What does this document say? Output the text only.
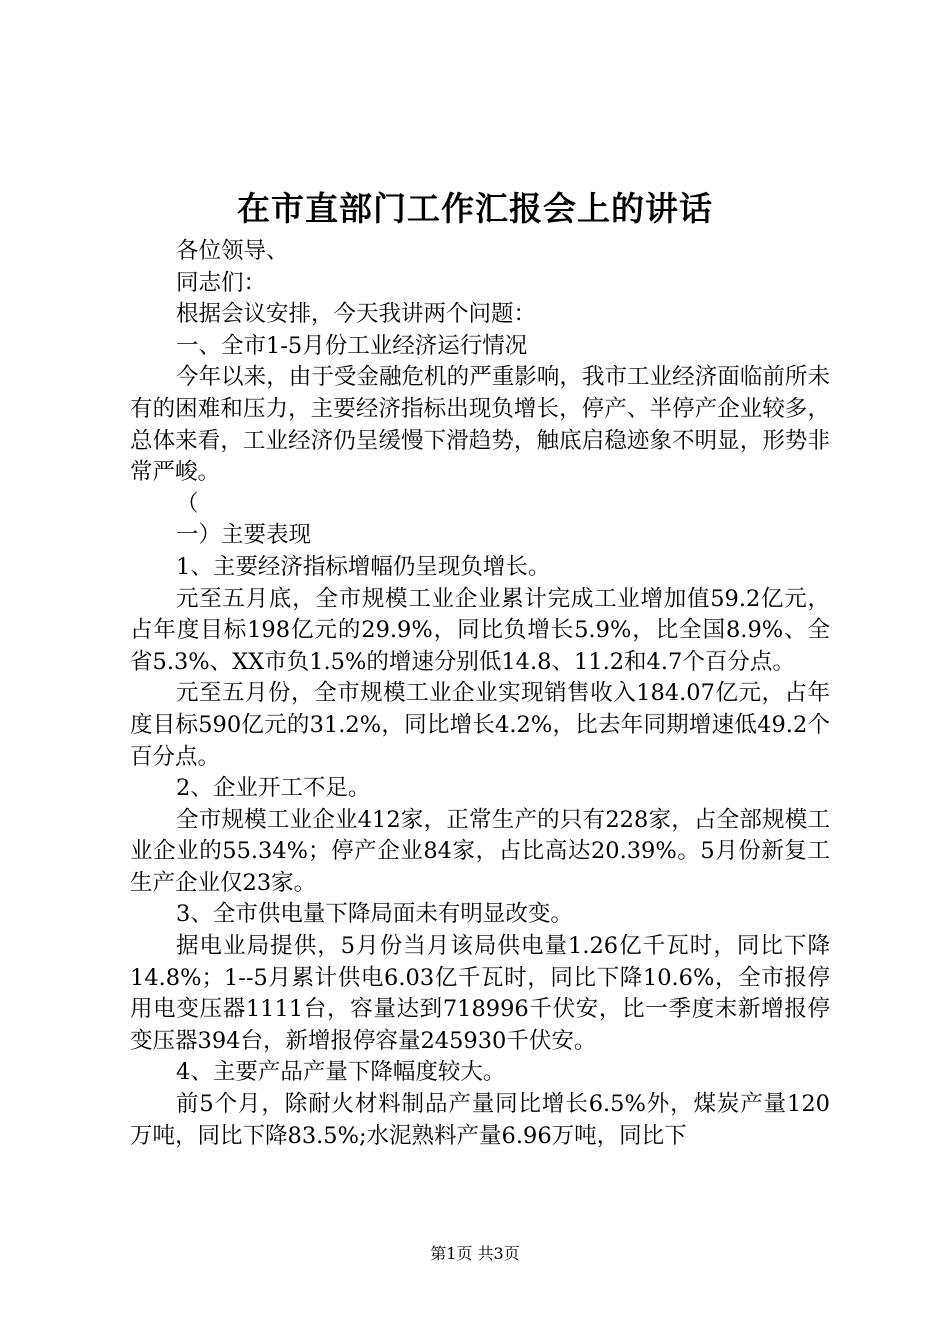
在市直部门工作汇报会上的讲话

各位领导、

同志们：

根据会议安排，今天我讲两个问题：

一、全市1-5月份工业经济运行情况

今年以来，由于受金融危机的严重影响，我市工业经济面临前所未有的困难和压力，主要经济指标出现负增长，停产、半停产企业较多，总体来看，工业经济仍呈缓慢下滑趋势，触底启稳迹象不明显，形势非常严峻。

（

一）主要表现

1、主要经济指标增幅仍呈现负增长。

元至五月底，全市规模工业企业累计完成工业增加值59.2亿元，占年度目标198亿元的29.9%，同比负增长5.9%，比全国8.9%、全省5.3%、XX市负1.5%的增速分别低14.8、11.2和4.7个百分点。

元至五月份，全市规模工业企业实现销售收入184.07亿元，占年度目标590亿元的31.2%，同比增长4.2%，比去年同期增速低49.2个百分点。

2、企业开工不足。

全市规模工业企业412家，正常生产的只有228家，占全部规模工业企业的55.34%；停产企业84家，占比高达20.39%。5月份新复工生产企业仅23家。

3、全市供电量下降局面未有明显改变。

据电业局提供，5月份当月该局供电量1.26亿千瓦时，同比下降14.8%；1--5月累计供电6.03亿千瓦时，同比下降10.6%，全市报停用电变压器1111台，容量达到718996千伏安，比一季度末新增报停变压器394台，新增报停容量245930千伏安。

4、主要产品产量下降幅度较大。

前5个月，除耐火材料制品产量同比增长6.5%外，煤炭产量120万吨，同比下降83.5%;水泥熟料产量6.96万吨，同比下

第1页 共3页
